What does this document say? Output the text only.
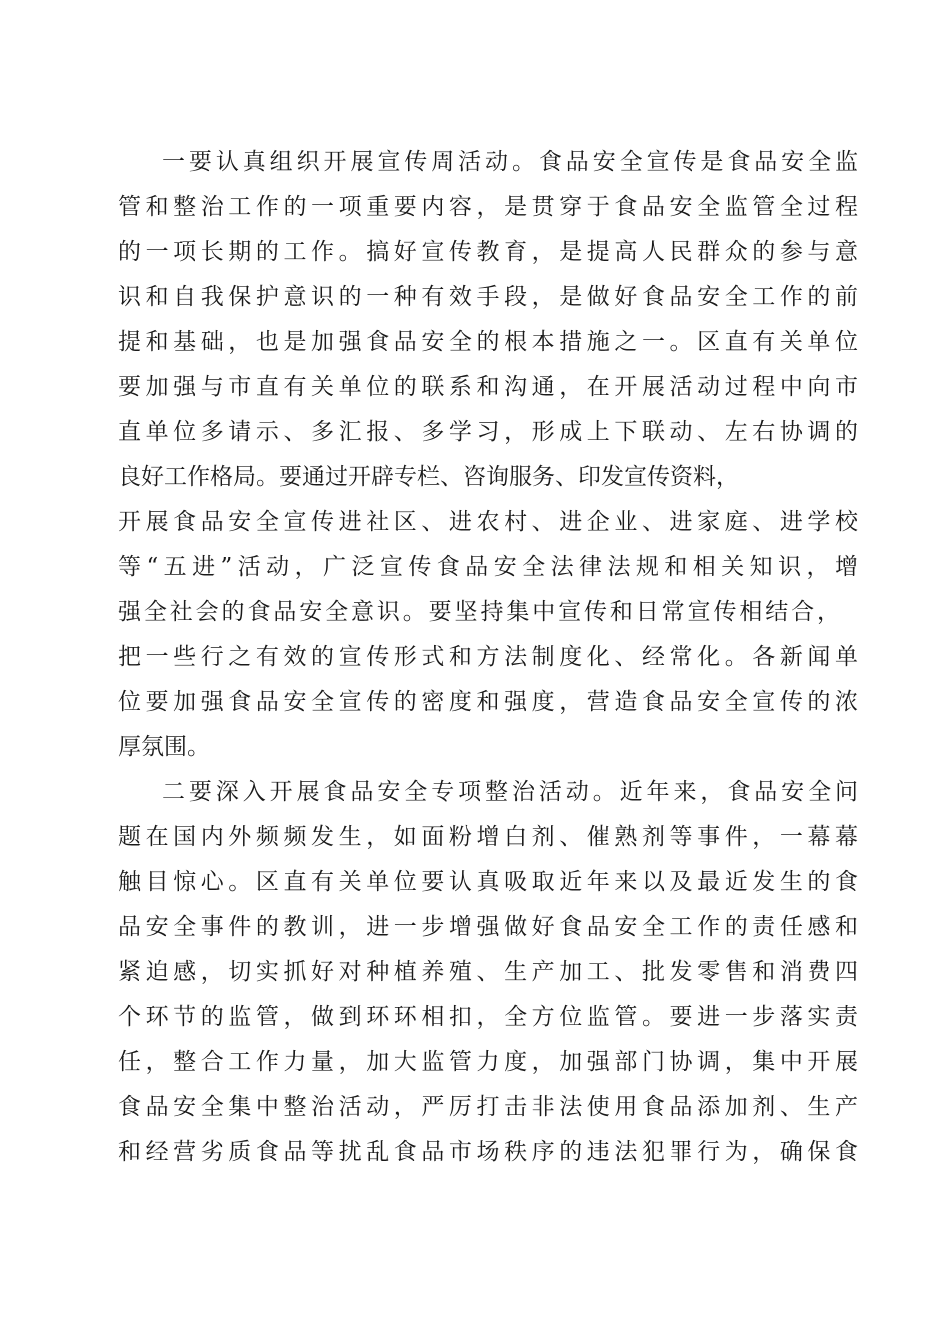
一要认真组织开展宣传周活动。食品安全宣传是食品安全监
管和整治工作的一项重要内容，是贯穿于食品安全监管全过程
的一项长期的工作。搞好宣传教育，是提高人民群众的参与意
识和自我保护意识的一种有效手段，是做好食品安全工作的前
提和基础，也是加强食品安全的根本措施之一。区直有关单位
要加强与市直有关单位的联系和沟通，在开展活动过程中向市
直单位多请示、多汇报、多学习，形成上下联动、左右协调的
良好工作格局。要通过开辟专栏、咨询服务、印发宣传资料，
开展食品安全宣传进社区、进农村、进企业、进家庭、进学校
等“五进”活动，广泛宣传食品安全法律法规和相关知识，增
强全社会的食品安全意识。要坚持集中宣传和日常宣传相结合，
把一些行之有效的宣传形式和方法制度化、经常化。各新闻单
位要加强食品安全宣传的密度和强度，营造食品安全宣传的浓
厚氛围。
二要深入开展食品安全专项整治活动。近年来，食品安全问
题在国内外频频发生，如面粉增白剂、催熟剂等事件，一幕幕
触目惊心。区直有关单位要认真吸取近年来以及最近发生的食
品安全事件的教训，进一步增强做好食品安全工作的责任感和
紧迫感，切实抓好对种植养殖、生产加工、批发零售和消费四
个环节的监管，做到环环相扣，全方位监管。要进一步落实责
任，整合工作力量，加大监管力度，加强部门协调，集中开展
食品安全集中整治活动，严厉打击非法使用食品添加剂、生产
和经营劣质食品等扰乱食品市场秩序的违法犯罪行为，确保食
